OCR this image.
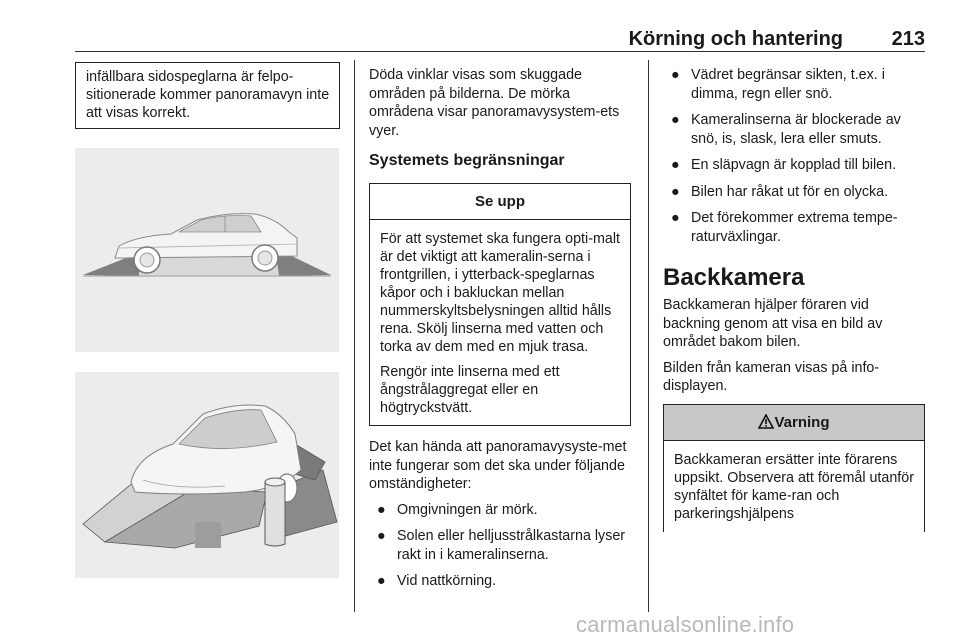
Körning och hantering 213
infällbara sidospeglarna är felpo-sitionerade kommer panoramavyn inte att visas korrekt.

Döda vinklar visas som skuggade områden på bilderna. De mörka områdena visar panoramavysystem-ets vyer.

Systemets begränsningar
Se upp

För att systemet ska fungera opti-malt är det viktigt att kameralin-serna i frontgrillen, i ytterback-speglarnas kåpor och i bakluckan mellan nummerskyltsbelysningen alltid hålls rena. Skölj linserna med vatten och torka av dem med en mjuk trasa.

Rengör inte linserna med ett ångstrålaggregat eller en högtryckstvätt.

Det kan hända att panoramavysyste-met inte fungerar som det ska under följande omständigheter:

● Omgivningen är mörk.
● Solen eller helljusstrålkastarna lyser rakt in i kameralinserna.
● Vid nattkörning.
● Vädret begränsar sikten, t.ex. i dimma, regn eller snö.
● Kameralinserna är blockerade av snö, is, slask, lera eller smuts.
● En släpvagn är kopplad till bilen.
● Bilen har råkat ut för en olycka.
● Det förekommer extrema tempe-raturväxlingar.
Backkamera

Backkameran hjälper föraren vid backning genom att visa en bild av området bakom bilen.

Bilden från kameran visas på info-displayen.

Varning

Backkameran ersätter inte förarens uppsikt. Observera att föremål utanför synfältet för kame-ran och parkeringshjälpens

carmanualsonline.info
